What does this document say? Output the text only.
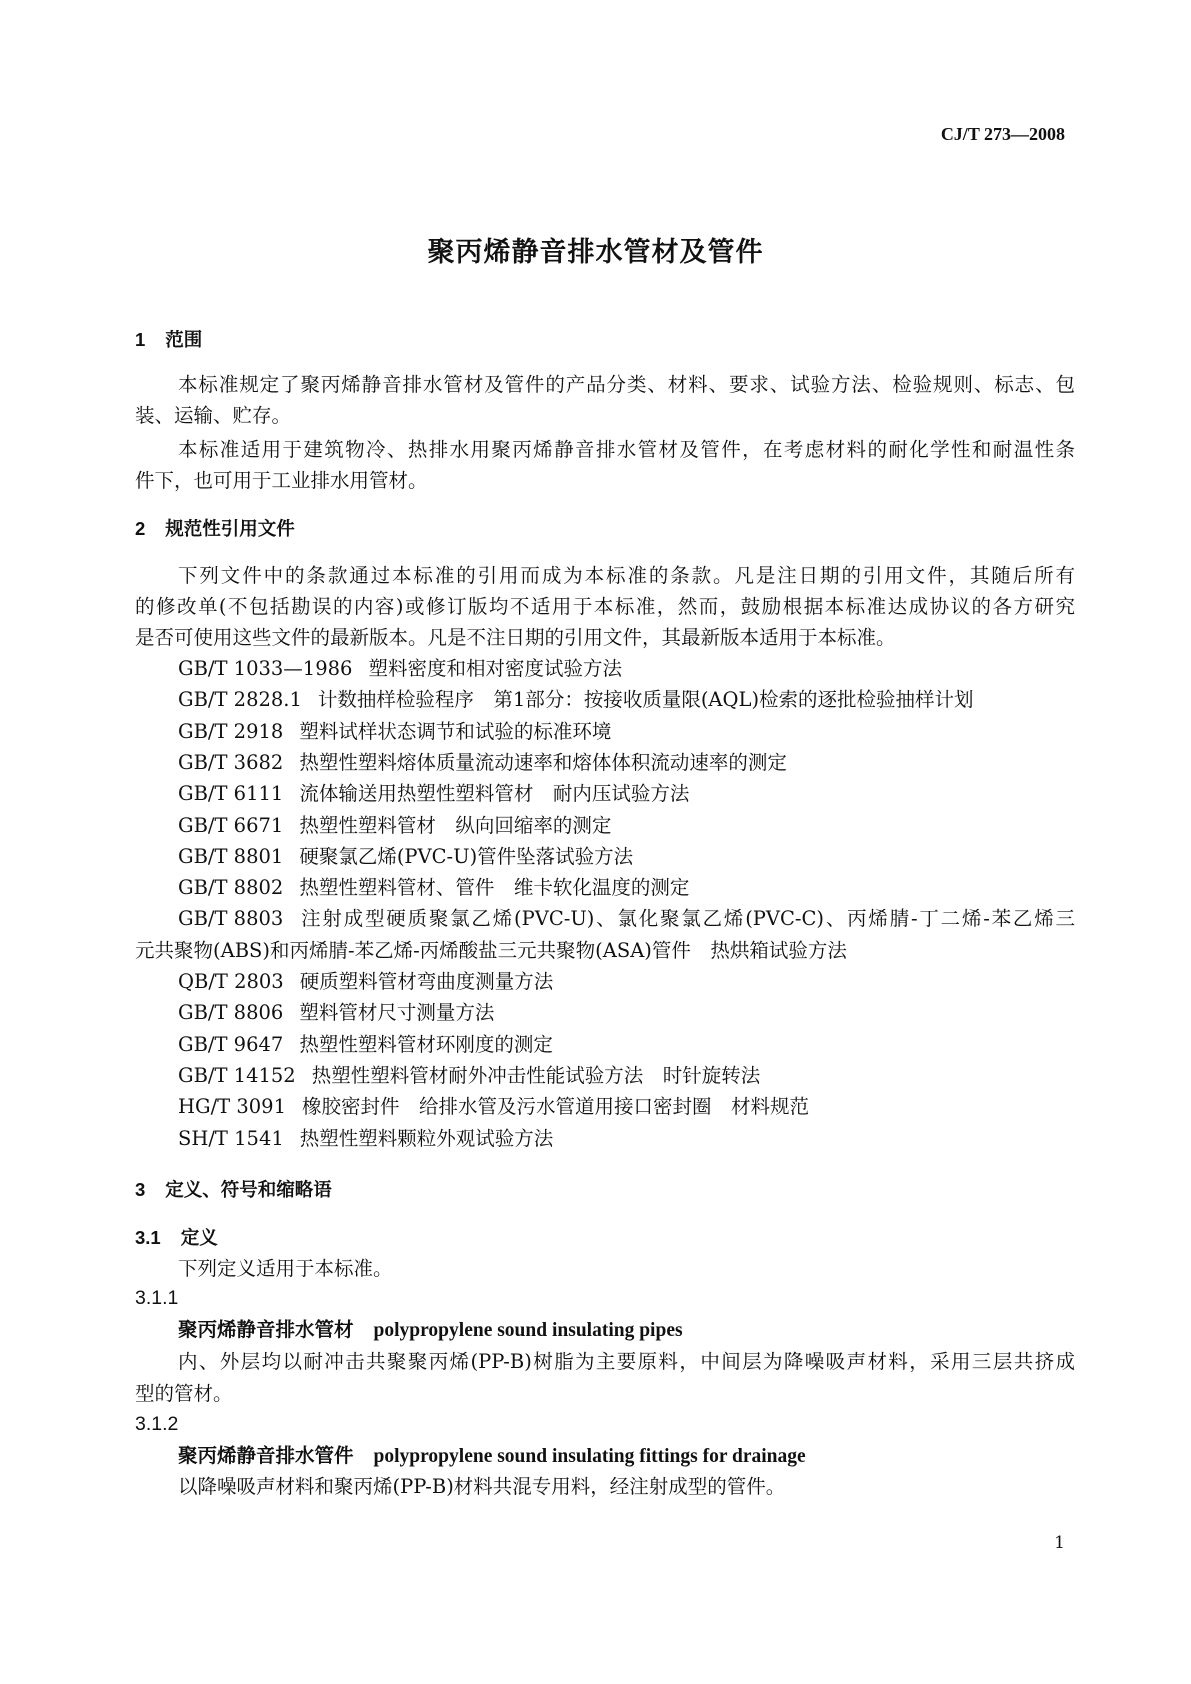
CJ/T 273—2008
聚丙烯静音排水管材及管件
1 范围
本标准规定了聚丙烯静音排水管材及管件的产品分类、材料、要求、试验方法、检验规则、标志、包
装、运输、贮存。
本标准适用于建筑物冷、热排水用聚丙烯静音排水管材及管件，在考虑材料的耐化学性和耐温性条
件下，也可用于工业排水用管材。
2 规范性引用文件
下列文件中的条款通过本标准的引用而成为本标准的条款。凡是注日期的引用文件，其随后所有
的修改单(不包括勘误的内容)或修订版均不适用于本标准，然而，鼓励根据本标准达成协议的各方研究
是否可使用这些文件的最新版本。凡是不注日期的引用文件，其最新版本适用于本标准。
GB/T 1033—1986 塑料密度和相对密度试验方法
GB/T 2828.1 计数抽样检验程序　第1部分：按接收质量限(AQL)检索的逐批检验抽样计划
GB/T 2918 塑料试样状态调节和试验的标准环境
GB/T 3682 热塑性塑料熔体质量流动速率和熔体体积流动速率的测定
GB/T 6111 流体输送用热塑性塑料管材　耐内压试验方法
GB/T 6671 热塑性塑料管材　纵向回缩率的测定
GB/T 8801 硬聚氯乙烯(PVC-U)管件坠落试验方法
GB/T 8802 热塑性塑料管材、管件　维卡软化温度的测定
GB/T 8803 注射成型硬质聚氯乙烯(PVC-U)、氯化聚氯乙烯(PVC-C)、丙烯腈-丁二烯-苯乙烯三
元共聚物(ABS)和丙烯腈-苯乙烯-丙烯酸盐三元共聚物(ASA)管件　热烘箱试验方法
QB/T 2803 硬质塑料管材弯曲度测量方法
GB/T 8806 塑料管材尺寸测量方法
GB/T 9647 热塑性塑料管材环刚度的测定
GB/T 14152 热塑性塑料管材耐外冲击性能试验方法　时针旋转法
HG/T 3091 橡胶密封件　给排水管及污水管道用接口密封圈　材料规范
SH/T 1541 热塑性塑料颗粒外观试验方法
3 定义、符号和缩略语
3.1 定义
下列定义适用于本标准。
3.1.1
聚丙烯静音排水管材 polypropylene sound insulating pipes
内、外层均以耐冲击共聚聚丙烯(PP-B)树脂为主要原料，中间层为降噪吸声材料，采用三层共挤成
型的管材。
3.1.2
聚丙烯静音排水管件 polypropylene sound insulating fittings for drainage
以降噪吸声材料和聚丙烯(PP-B)材料共混专用料，经注射成型的管件。
1
